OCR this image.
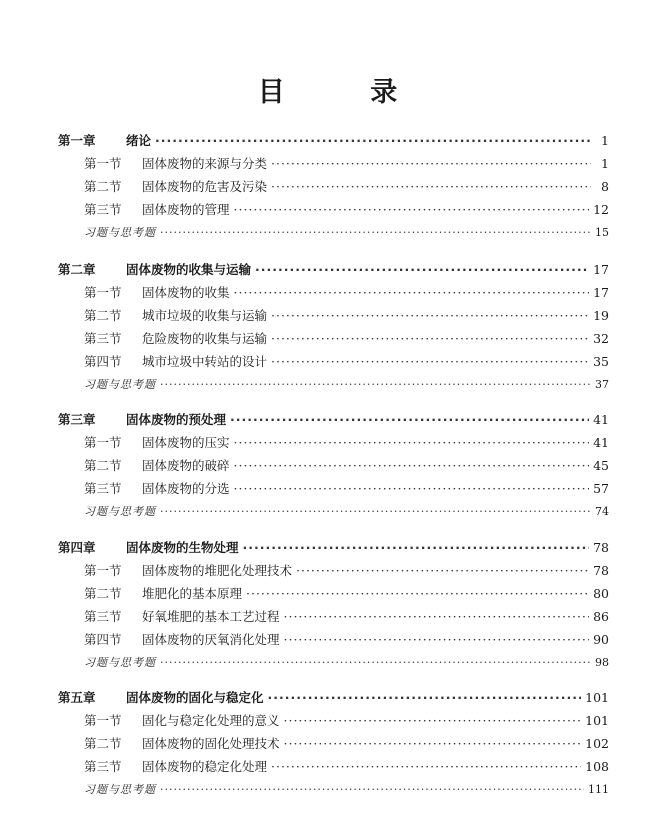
目 录
第一章 绪论 ·····	1
第一节 固体废物的来源与分类 ·····	1
第二节 固体废物的危害及污染 ·····	8
第三节 固体废物的管理 ·····	12
习题与思考题 ·····	15
第二章 固体废物的收集与运输 ·····	17
第一节 固体废物的收集 ·····	17
第二节 城市垃圾的收集与运输 ·····	19
第三节 危险废物的收集与运输 ·····	32
第四节 城市垃圾中转站的设计 ·····	35
习题与思考题 ·····	37
第三章 固体废物的预处理 ·····	41
第一节 固体废物的压实 ·····	41
第二节 固体废物的破碎 ·····	45
第三节 固体废物的分选 ·····	57
习题与思考题 ·····	74
第四章 固体废物的生物处理 ·····	78
第一节 固体废物的堆肥化处理技术 ·····	78
第二节 堆肥化的基本原理 ·····	80
第三节 好氧堆肥的基本工艺过程 ·····	86
第四节 固体废物的厌氧消化处理 ·····	90
习题与思考题 ·····	98
第五章 固体废物的固化与稳定化 ·····	101
第一节 固化与稳定化处理的意义 ·····	101
第二节 固体废物的固化处理技术 ·····	102
第三节 固体废物的稳定化处理 ·····	108
习题与思考题 ·····	111
